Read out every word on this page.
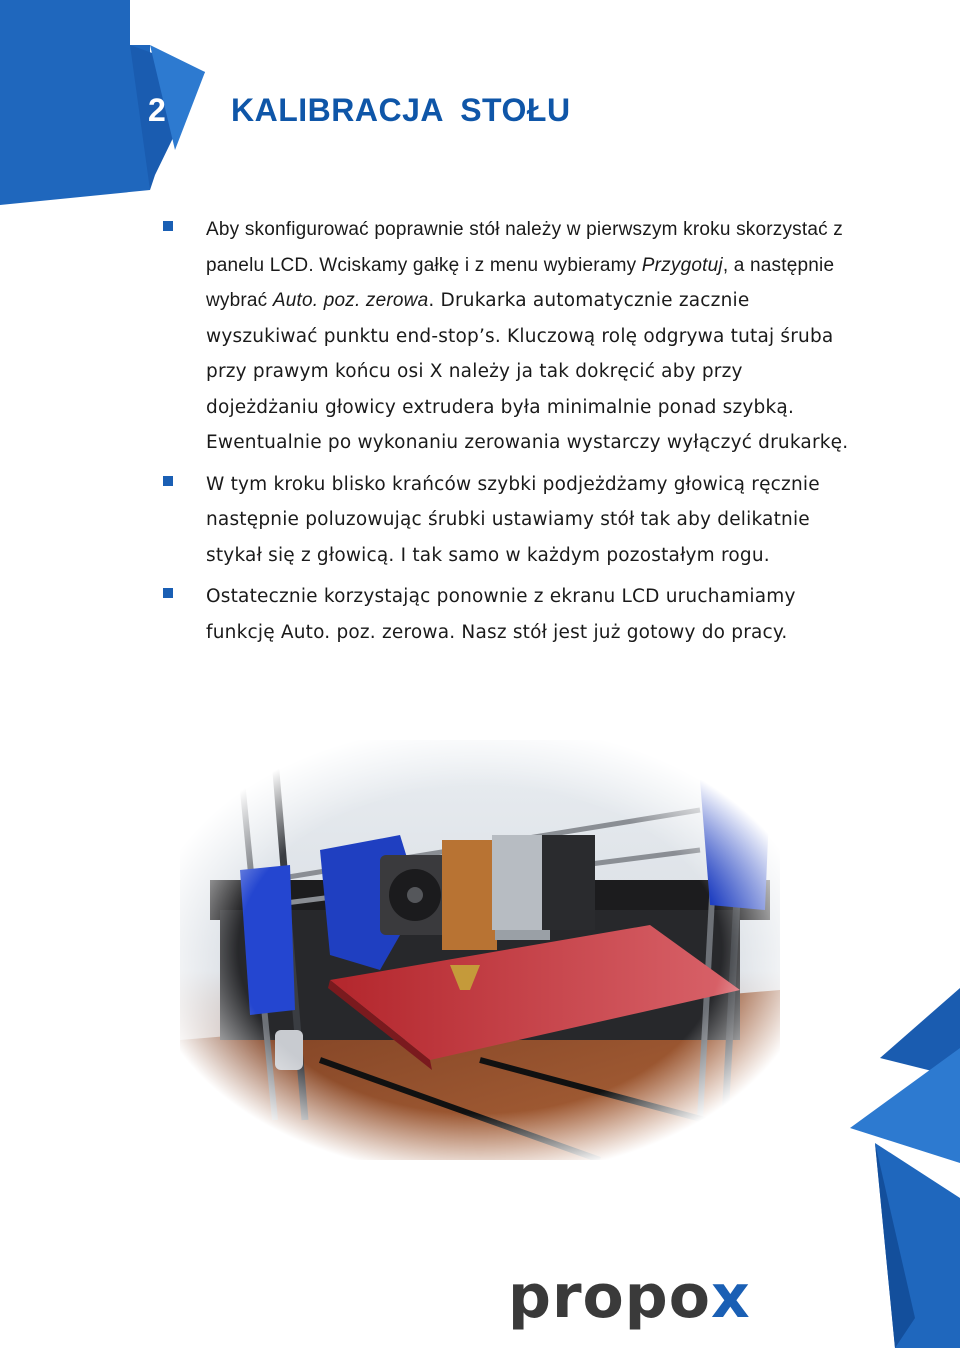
2 KALIBRACJA STOŁU

Aby skonfigurować poprawnie stół należy w pierwszym kroku skorzystać z panelu LCD. Wciskamy gałkę i z menu wybieramy Przygotuj, a następnie wybrać Auto. poz. zerowa. Drukarka automatycznie zacznie wyszukiwać punktu end-stop’s. Kluczową rolę odgrywa tutaj śruba przy prawym końcu osi X należy ja tak dokręcić aby przy dojeżdżaniu głowicy extrudera była minimalnie ponad szybką. Ewentualnie po wykonaniu zerowania wystarczy wyłączyć drukarkę.

W tym kroku blisko krańców szybki podjeżdżamy głowicą ręcznie następnie poluzowując śrubki ustawiamy stół tak aby delikatnie stykał się z głowicą. I tak samo w każdym pozostałym rogu.

Ostatecznie korzystając ponownie z ekranu LCD uruchamiamy funkcję Auto. poz. zerowa. Nasz stół jest już gotowy do pracy.

propox
